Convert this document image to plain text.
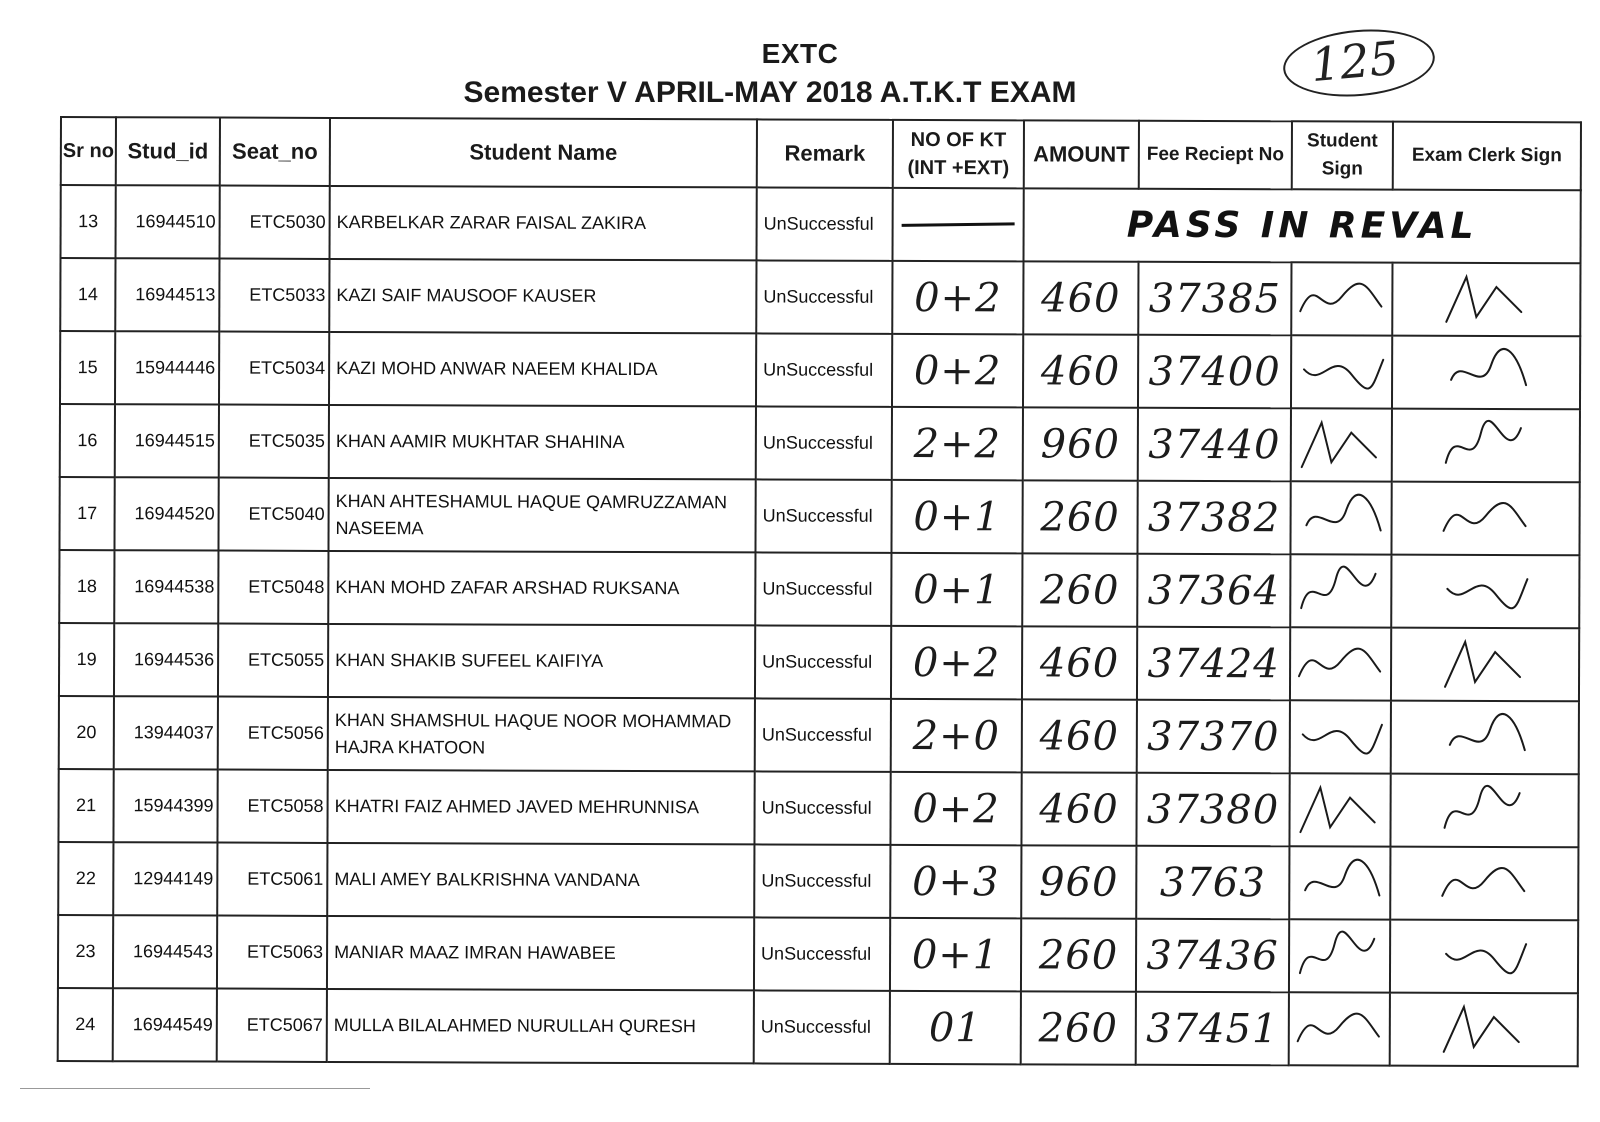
EXTC
Semester V APRIL-MAY 2018 A.T.K.T EXAM
125
Sr no	Stud_id	Seat_no	Student Name	Remark	NO OF KT (INT +EXT)	AMOUNT	Fee Reciept No	Student Sign	Exam Clerk Sign
13	16944510	ETC5030	KARBELKAR ZARAR FAISAL ZAKIRA	UnSuccessful		PASS IN REVAL			
14	16944513	ETC5033	KAZI SAIF MAUSOOF KAUSER	UnSuccessful	0+2	460	37385

15	15944446	ETC5034	KAZI MOHD ANWAR NAEEM KHALIDA	UnSuccessful	0+2	460	37400

16	16944515	ETC5035	KHAN AAMIR MUKHTAR SHAHINA	UnSuccessful	2+2	960	37440

17	16944520	ETC5040	KHAN AHTESHAMUL HAQUE QAMRUZZAMAN NASEEMA	UnSuccessful	0+1	260	37382

18	16944538	ETC5048	KHAN MOHD ZAFAR ARSHAD RUKSANA	UnSuccessful	0+1	260	37364

19	16944536	ETC5055	KHAN SHAKIB SUFEEL KAIFIYA	UnSuccessful	0+2	460	37424

20	13944037	ETC5056	KHAN SHAMSHUL HAQUE NOOR MOHAMMAD HAJRA KHATOON	UnSuccessful	2+0	460	37370

21	15944399	ETC5058	KHATRI FAIZ AHMED JAVED MEHRUNNISA	UnSuccessful	0+2	460	37380

22	12944149	ETC5061	MALI AMEY BALKRISHNA VANDANA	UnSuccessful	0+3	960	3763

23	16944543	ETC5063	MANIAR MAAZ IMRAN HAWABEE	UnSuccessful	0+1	260	37436

24	16944549	ETC5067	MULLA BILALAHMED NURULLAH QURESH	UnSuccessful	01	260	37451
